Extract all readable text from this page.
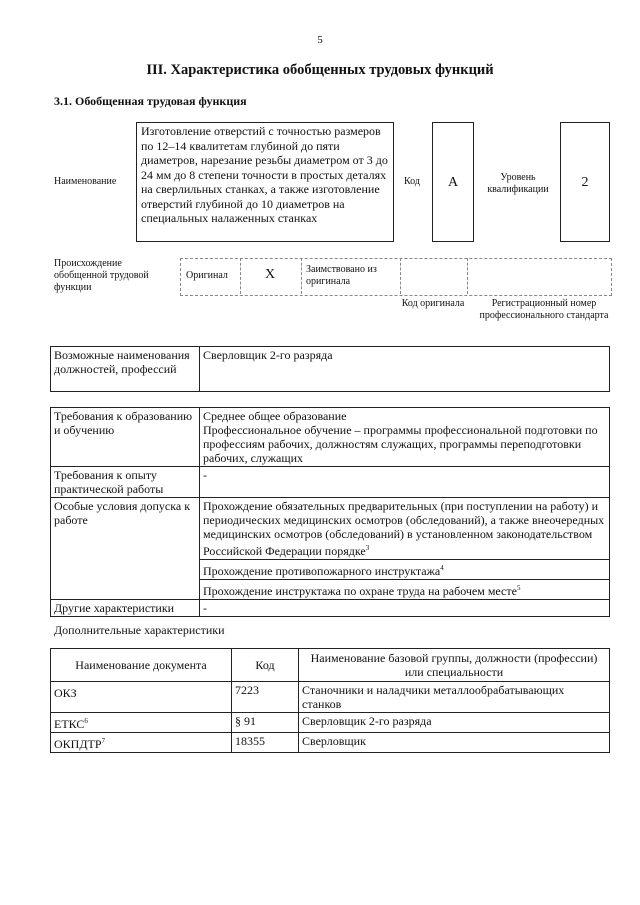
5
III. Характеристика обобщенных трудовых функций
3.1. Обобщенная трудовая функция
Наименование
Изготовление отверстий с точностью размеров по 12–14 квалитетам глубиной до пяти диаметров, нарезание резьбы диаметром от 3 до 24 мм до 8 степени точности в простых деталях на сверлильных станках, а также изготовление отверстий глубиной до 10 диаметров на специальных налаженных станках
Код	A	Уровень квалификации	2
Происхождение обобщенной трудовой функции
Оригинал	X	Заимствовано из оригинала
Код оригинала	Регистрационный номер профессионального стандарта
Возможные наименования должностей, профессий	Сверловщик 2-го разряда
Требования к образованию и обучению	Среднее общее образование
Профессиональное обучение – программы профессиональной подготовки по профессиям рабочих, должностям служащих, программы переподготовки рабочих, служащих

Требования к опыту практической работы	-
Особые условия допуска к работе	Прохождение обязательных предварительных (при поступлении на работу) и периодических медицинских осмотров (обследований), а также внеочередных медицинских осмотров (обследований) в установленном законодательством Российской Федерации порядке$^3$
Прохождение противопожарного инструктажа$^4$
Прохождение инструктажа по охране труда на рабочем месте$^5$

Другие характеристики	-
Дополнительные характеристики
Наименование документа	Код	Наименование базовой группы, должности (профессии) или специальности
ОКЗ	7223	Станочники и наладчики металлообрабатывающих станков
ЕТКС$^6$	§ 91	Сверловщик 2-го разряда
ОКПДТР$^7$	18355	Сверловщик
